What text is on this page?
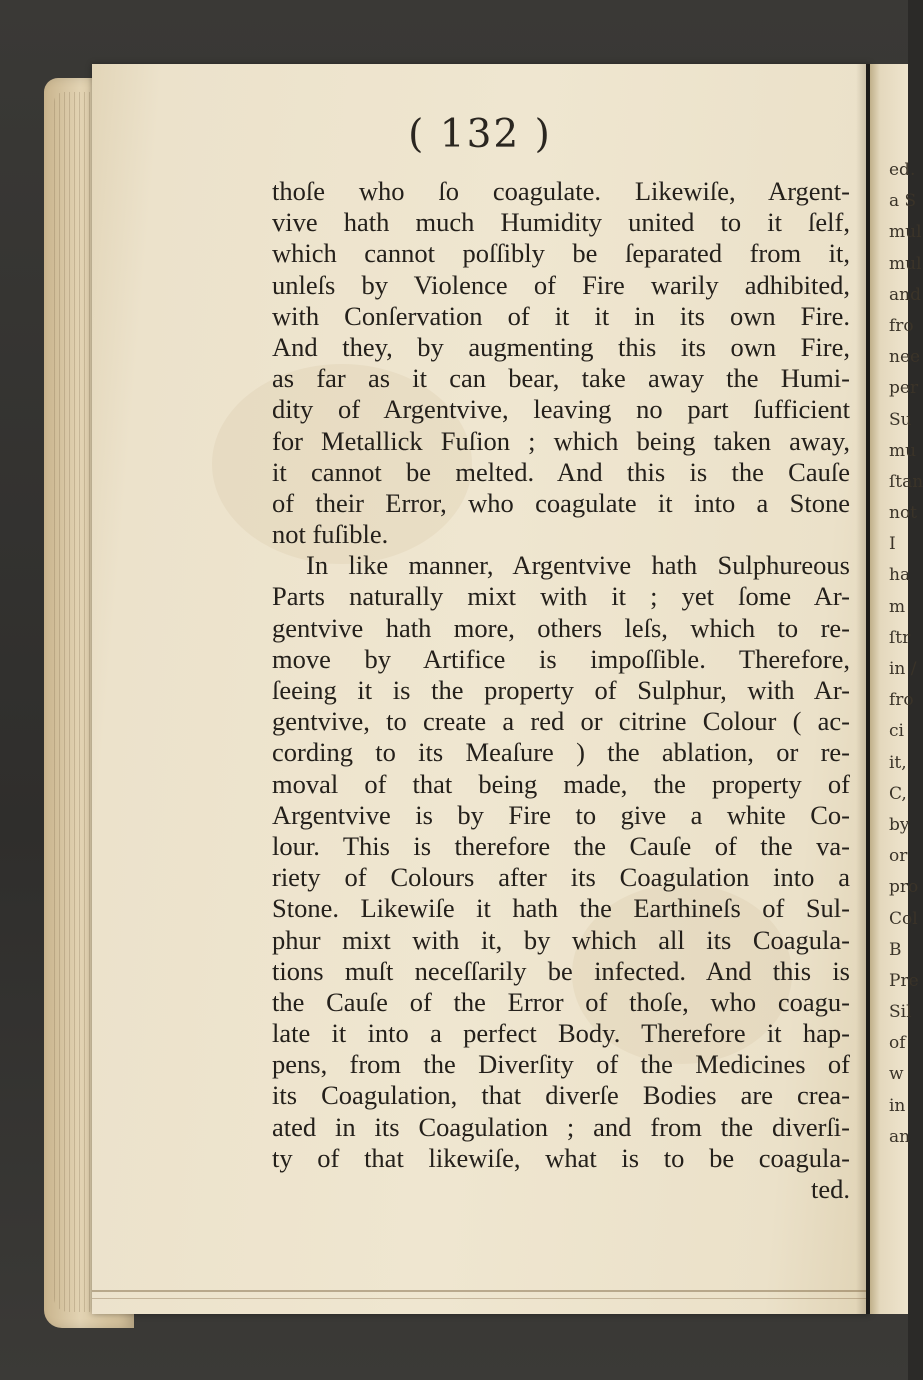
ed.
a S
mul
mul
and
fro
nee
per
Su
mu
ſtan
not
I
ha
m
ſtr
in /
fro
ci
it,
C,
by
or
pro
Col
B
Pre
Sil
of
w
in
an
( 132 )
thoſe who ſo coagulate. Likewiſe, Argent-
vive hath much Humidity united to it ſelf,
which cannot poſſibly be ſeparated from it,
unleſs by Violence of Fire warily adhibited,
with Conſervation of it it in its own Fire.
And they, by augmenting this its own Fire,
as far as it can bear, take away the Humi-
dity of Argentvive, leaving no part ſufficient
for Metallick Fuſion ; which being taken away,
it cannot be melted. And this is the Cauſe
of their Error, who coagulate it into a Stone
not fuſible.
In like manner, Argentvive hath Sulphureous
Parts naturally mixt with it ; yet ſome Ar-
gentvive hath more, others leſs, which to re-
move by Artifice is impoſſible. Therefore,
ſeeing it is the property of Sulphur, with Ar-
gentvive, to create a red or citrine Colour ( ac-
cording to its Meaſure ) the ablation, or re-
moval of that being made, the property of
Argentvive is by Fire to give a white Co-
lour. This is therefore the Cauſe of the va-
riety of Colours after its Coagulation into a
Stone. Likewiſe it hath the Earthineſs of Sul-
phur mixt with it, by which all its Coagula-
tions muſt neceſſarily be infected. And this is
the Cauſe of the Error of thoſe, who coagu-
late it into a perfect Body. Therefore it hap-
pens, from the Diverſity of the Medicines of
its Coagulation, that diverſe Bodies are crea-
ated in its Coagulation ; and from the diverſi-
ty of that likewiſe, what is to be coagula-
ted.
